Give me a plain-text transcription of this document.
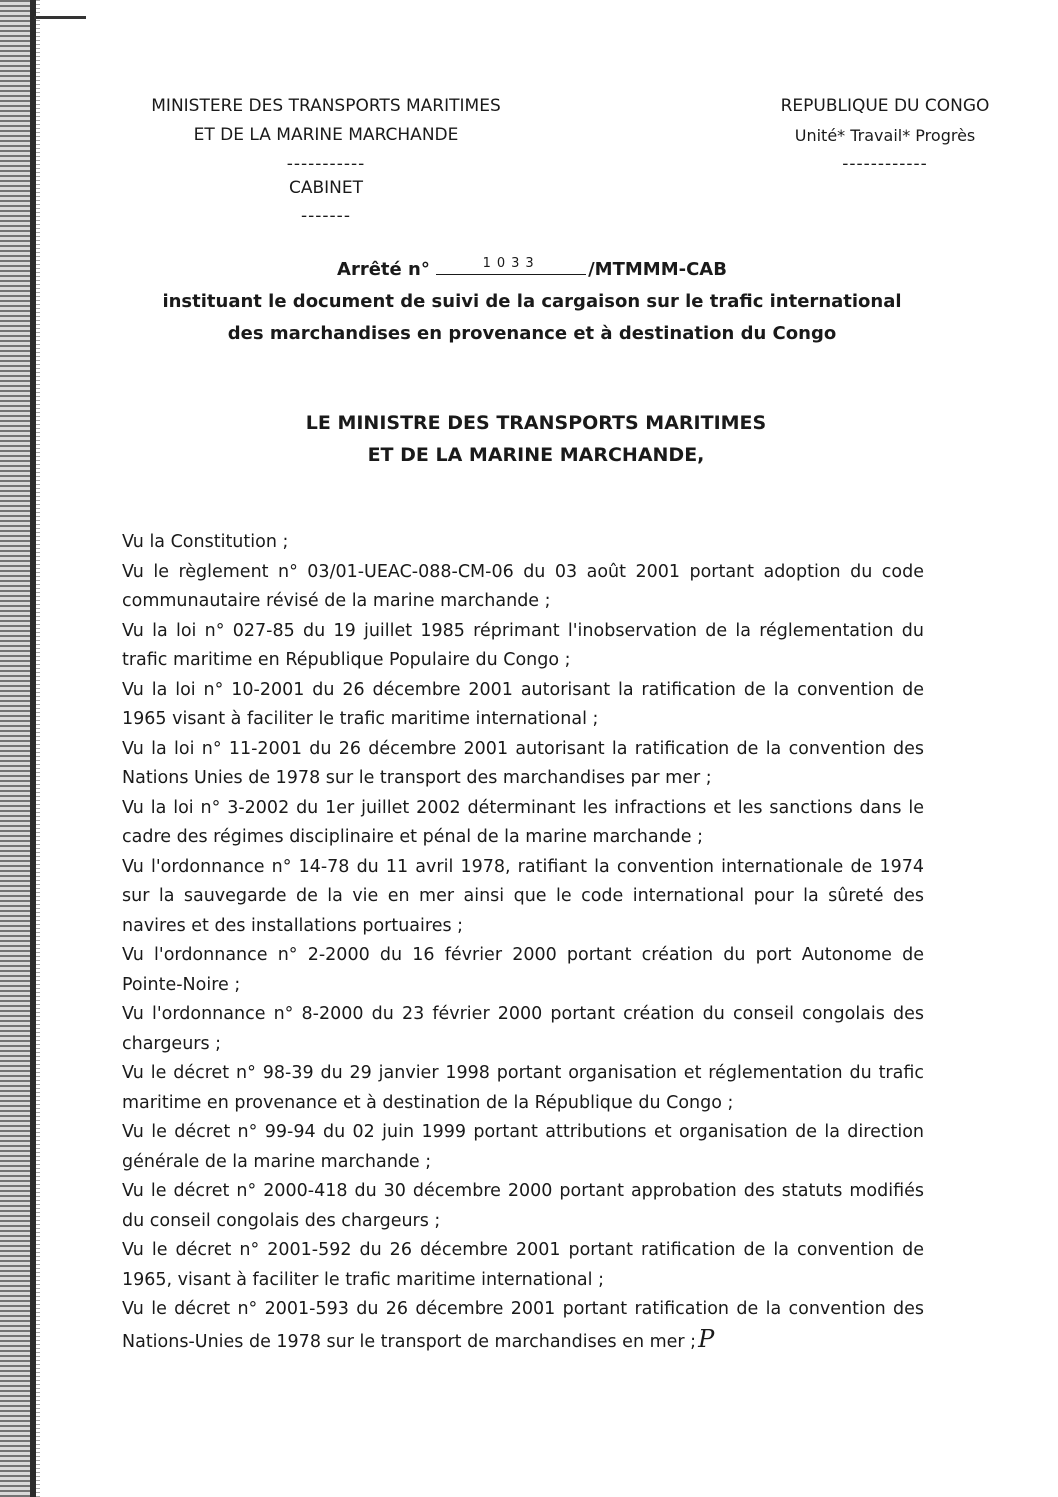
MINISTERE DES TRANSPORTS MARITIMES
ET DE LA MARINE MARCHANDE
-----------
CABINET
-------
REPUBLIQUE DU CONGO
Unité* Travail* Progrès
------------
Arrêté n°	1033	/MTMMM-CAB
instituant le document de suivi de la cargaison sur le trafic international
des marchandises en provenance et à destination du Congo
LE MINISTRE DES TRANSPORTS MARITIMES
ET DE LA MARINE MARCHANDE,

Vu la Constitution ;

Vu le règlement n° 03/01-UEAC-088-CM-06 du 03 août 2001 portant adoption du code communautaire révisé de la marine marchande ;

Vu la loi n° 027-85 du 19 juillet 1985 réprimant l'inobservation de la réglementation du trafic maritime en République Populaire du Congo ;

Vu la loi n° 10-2001 du 26 décembre 2001 autorisant la ratification de la convention de 1965 visant à faciliter le trafic maritime international ;

Vu la loi n° 11-2001 du 26 décembre 2001 autorisant la ratification de la convention des Nations Unies de 1978 sur le transport des marchandises par mer ;

Vu la loi n° 3-2002 du 1er juillet 2002 déterminant les infractions et les sanctions dans le cadre des régimes disciplinaire et pénal de la marine marchande ;

Vu l'ordonnance n° 14-78 du 11 avril 1978, ratifiant la convention internationale de 1974 sur la sauvegarde de la vie en mer ainsi que le code international pour la sûreté des navires et des installations portuaires ;

Vu l'ordonnance n° 2-2000 du 16 février 2000 portant création du port Autonome de Pointe-Noire ;

Vu l'ordonnance n° 8-2000 du 23 février 2000 portant création du conseil congolais des chargeurs ;

Vu le décret n° 98-39 du 29 janvier 1998 portant organisation et réglementation du trafic maritime en provenance et à destination de la République du Congo ;

Vu le décret n° 99-94 du 02 juin 1999 portant attributions et organisation de la direction générale de la marine marchande ;

Vu le décret n° 2000-418 du 30 décembre 2000 portant approbation des statuts modifiés du conseil congolais des chargeurs ;

Vu le décret n° 2001-592 du 26 décembre 2001 portant ratification de la convention de 1965, visant à faciliter le trafic maritime international ;

Vu le décret n° 2001-593 du 26 décembre 2001 portant ratification de la convention des Nations-Unies de 1978 sur le transport de marchandises en mer ;P
